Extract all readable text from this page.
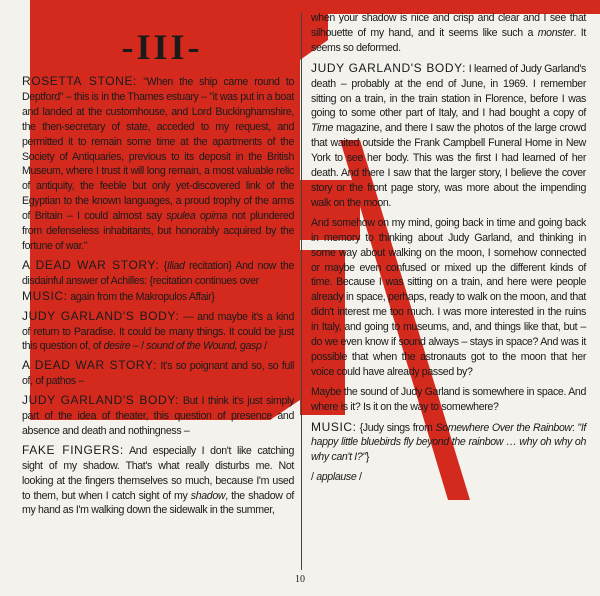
-III-

ROSETTA STONE: "When the ship came round to Deptford" – this is in the Thames estuary – "it was put in a boat and landed at the customhouse, and Lord Buckinghamshire, the then-secretary of state, acceded to my request, and permitted it to remain some time at the apartments of the Society of Antiquaries, previous to its deposit in the British Museum, where I trust it will long remain, a most valuable relic of antiquity, the feeble but only yet-discovered link of the Egyptian to the known languages, a proud trophy of the arms of Britain – I could almost say spulea opima not plundered from defenseless inhabitants, but honorably acquired by the fortune of war."

A DEAD WAR STORY: {Iliad recitation} And now the disdainful answer of Achilles: {recitation continues over
MUSIC: again from the Makropulos Affair}

JUDY GARLAND'S BODY: — and maybe it's a kind of return to Paradise. It could be many things. It could be just this question of, of desire – / sound of the Wound, gasp /

A DEAD WAR STORY: It's so poignant and so, so full of, of pathos –

JUDY GARLAND'S BODY: But I think it's just simply part of the idea of theater, this question of presence and absence and death and nothingness –

FAKE FINGERS: And especially I don't like catching sight of my shadow. That's what really disturbs me. Not looking at the fingers themselves so much, because I'm used to them, but when I catch sight of my shadow, the shadow of my hand as I'm walking down the sidewalk in the summer,

when your shadow is nice and crisp and clear and I see that silhouette of my hand, and it seems like such a monster. It seems so deformed.

JUDY GARLAND'S BODY: I learned of Judy Garland's death – probably at the end of June, in 1969. I remember sitting on a train, in the train station in Florence, before I was going to some other part of Italy, and I had bought a copy of Time magazine, and there I saw the photos of the large crowd that waited outside the Frank Campbell Funeral Home in New York to see her body. This was the first I had learned of her death. And there I saw that the larger story, I believe the cover story or the front page story, was more about the impending walk on the moon.

And somehow on my mind, going back in time and going back in memory to thinking about Judy Garland, and thinking in some way about walking on the moon, I somehow connected or maybe even confused or mixed up the different kinds of time. Because I was sitting on a train, and here were people already in space, perhaps, ready to walk on the moon, and that didn't interest me too much. I was more interested in the ruins in Italy, and going to museums, and, and things like that, but – do we even know if sound always – stays in space? And was it possible that when the astronauts got to the moon that her voice could have already passed by?

Maybe the sound of Judy Garland is somewhere in space. And where is it? Is it on the way to somewhere?

MUSIC: {Judy sings from Somewhere Over the Rainbow: "If happy little bluebirds fly beyond the rainbow … why oh why oh why can't I?"}

/ applause /

10
